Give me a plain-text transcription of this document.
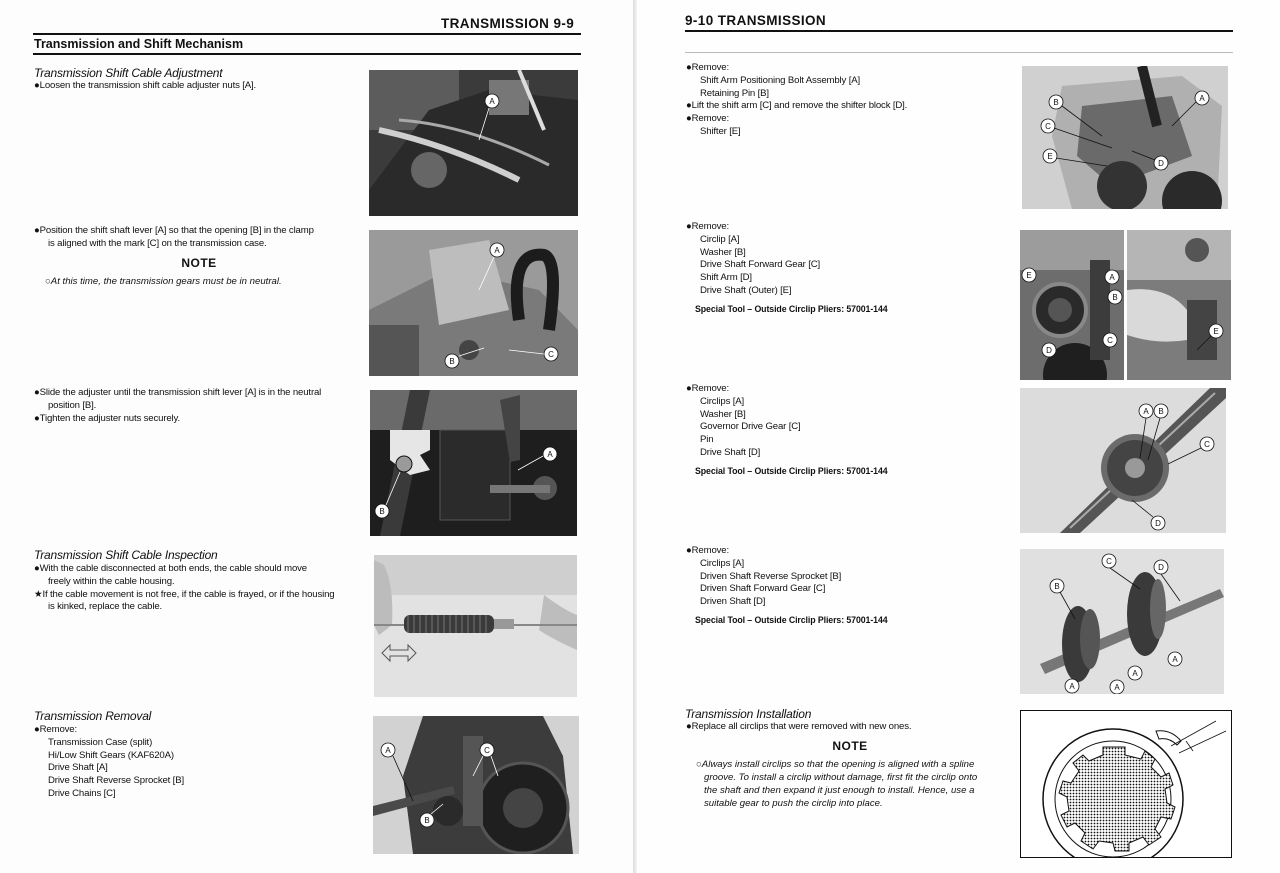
TRANSMISSION 9-9
Transmission and Shift Mechanism
Transmission Shift Cable Adjustment
●Loosen the transmission shift cable adjuster nuts [A].
A
●Position the shift shaft lever [A] so that the opening [B] in the clamp
is aligned with the mark [C] on the transmission case.
NOTE
○At this time, the transmission gears must be in neutral.
A
B
C
●Slide the adjuster until the transmission shift lever [A] is in the neutral
position [B].
●Tighten the adjuster nuts securely.
A
B
Transmission Shift Cable Inspection
●With the cable disconnected at both ends, the cable should move
freely within the cable housing.
★If the cable movement is not free, if the cable is frayed, or if the housing
is kinked, replace the cable.
Transmission Removal
●Remove:
Transmission Case (split)
Hi/Low Shift Gears (KAF620A)
Drive Shaft [A]
Drive Shaft Reverse Sprocket [B]
Drive Chains [C]
A	C
B
9-10 TRANSMISSION
●Remove:
Shift Arm Positioning Bolt Assembly [A]
Retaining Pin [B]
●Lift the shift arm [C] and remove the shifter block [D].
●Remove:
Shifter [E]
B	A
C
E
D
●Remove:
Circlip [A]
Washer [B]
Drive Shaft Forward Gear [C]
Shift Arm [D]
Drive Shaft (Outer) [E]
Special Tool – Outside Circlip Pliers: 57001-144
E	A
B
C
D
E
●Remove:
Circlips [A]
Washer [B]
Governor Drive Gear [C]
Pin
Drive Shaft [D]
Special Tool – Outside Circlip Pliers: 57001-144
A B
C
D
●Remove:
Circlips [A]
Driven Shaft Reverse Sprocket [B]
Driven Shaft Forward Gear [C]
Driven Shaft [D]
Special Tool – Outside Circlip Pliers: 57001-144
C
D
B
A
A
A	A
Transmission Installation
●Replace all circlips that were removed with new ones.
NOTE
○Always install circlips so that the opening is aligned with a spline
groove. To install a circlip without damage, first fit the circlip onto
the shaft and then expand it just enough to install. Hence, use a
suitable gear to push the circlip into place.
